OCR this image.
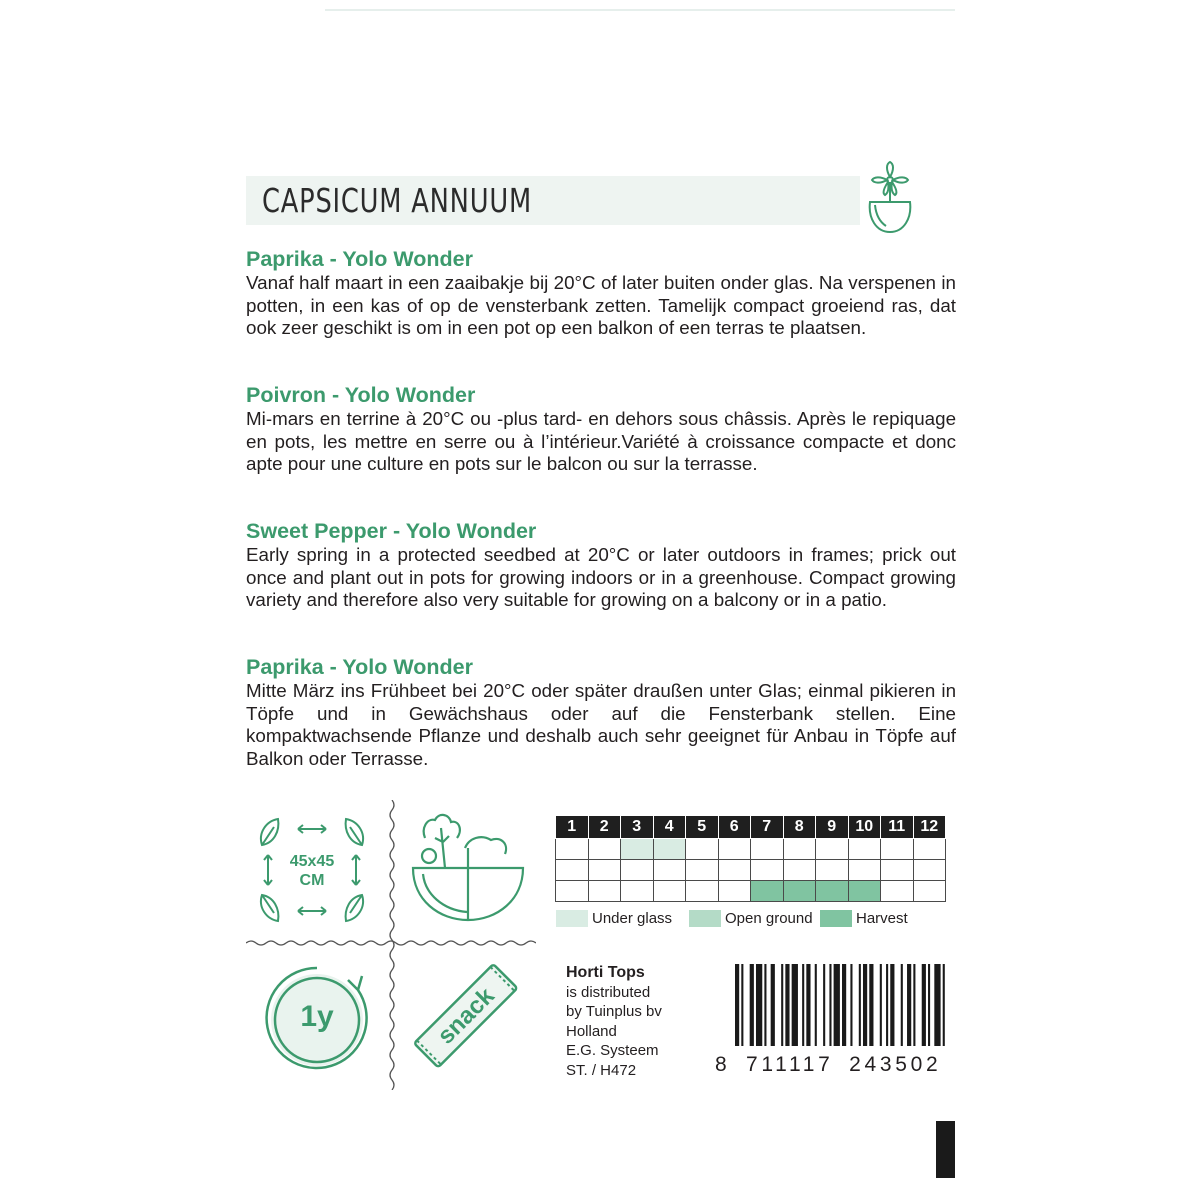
CAPSICUM ANNUUM
Paprika - Yolo Wonder

Vanaf half maart in een zaaibakje bij 20°C of later buiten onder glas. Na verspenen in potten, in een kas of op de vensterbank zetten. Tamelijk compact groeiend ras, dat ook zeer geschikt is om in een pot op een balkon of een terras te plaatsen.

Poivron - Yolo Wonder

Mi-mars en terrine à 20°C ou -plus tard- en dehors sous châssis. Après le repiquage en pots, les mettre en serre ou à l’intérieur.Variété à croissance compacte et donc apte pour une culture en pots sur le balcon ou sur la terrasse.

Sweet Pepper - Yolo Wonder

Early spring in a protected seedbed at 20°C or later outdoors in frames; prick out once and plant out in pots for growing indoors or in a greenhouse. Compact growing variety and therefore also very suitable for growing on a balcony or in a patio.

Paprika - Yolo Wonder

Mitte März ins Frühbeet bei 20°C oder später draußen unter Glas; einmal pikieren in Töpfe und in Gewächshaus oder auf die Fensterbank stellen. Eine kompaktwachsende Pflanze und deshalb auch sehr geeignet für Anbau in Töpfe auf Balkon oder Terrasse.

45x45
CM
1y	snack
1	2	3	4	5	6	7	8	9	10	11	12

Under glass	Open ground	Harvest
Horti Tops
is distributed
by Tuinplus bv
Holland
E.G. Systeem
ST. / H472	8 711117 243502
